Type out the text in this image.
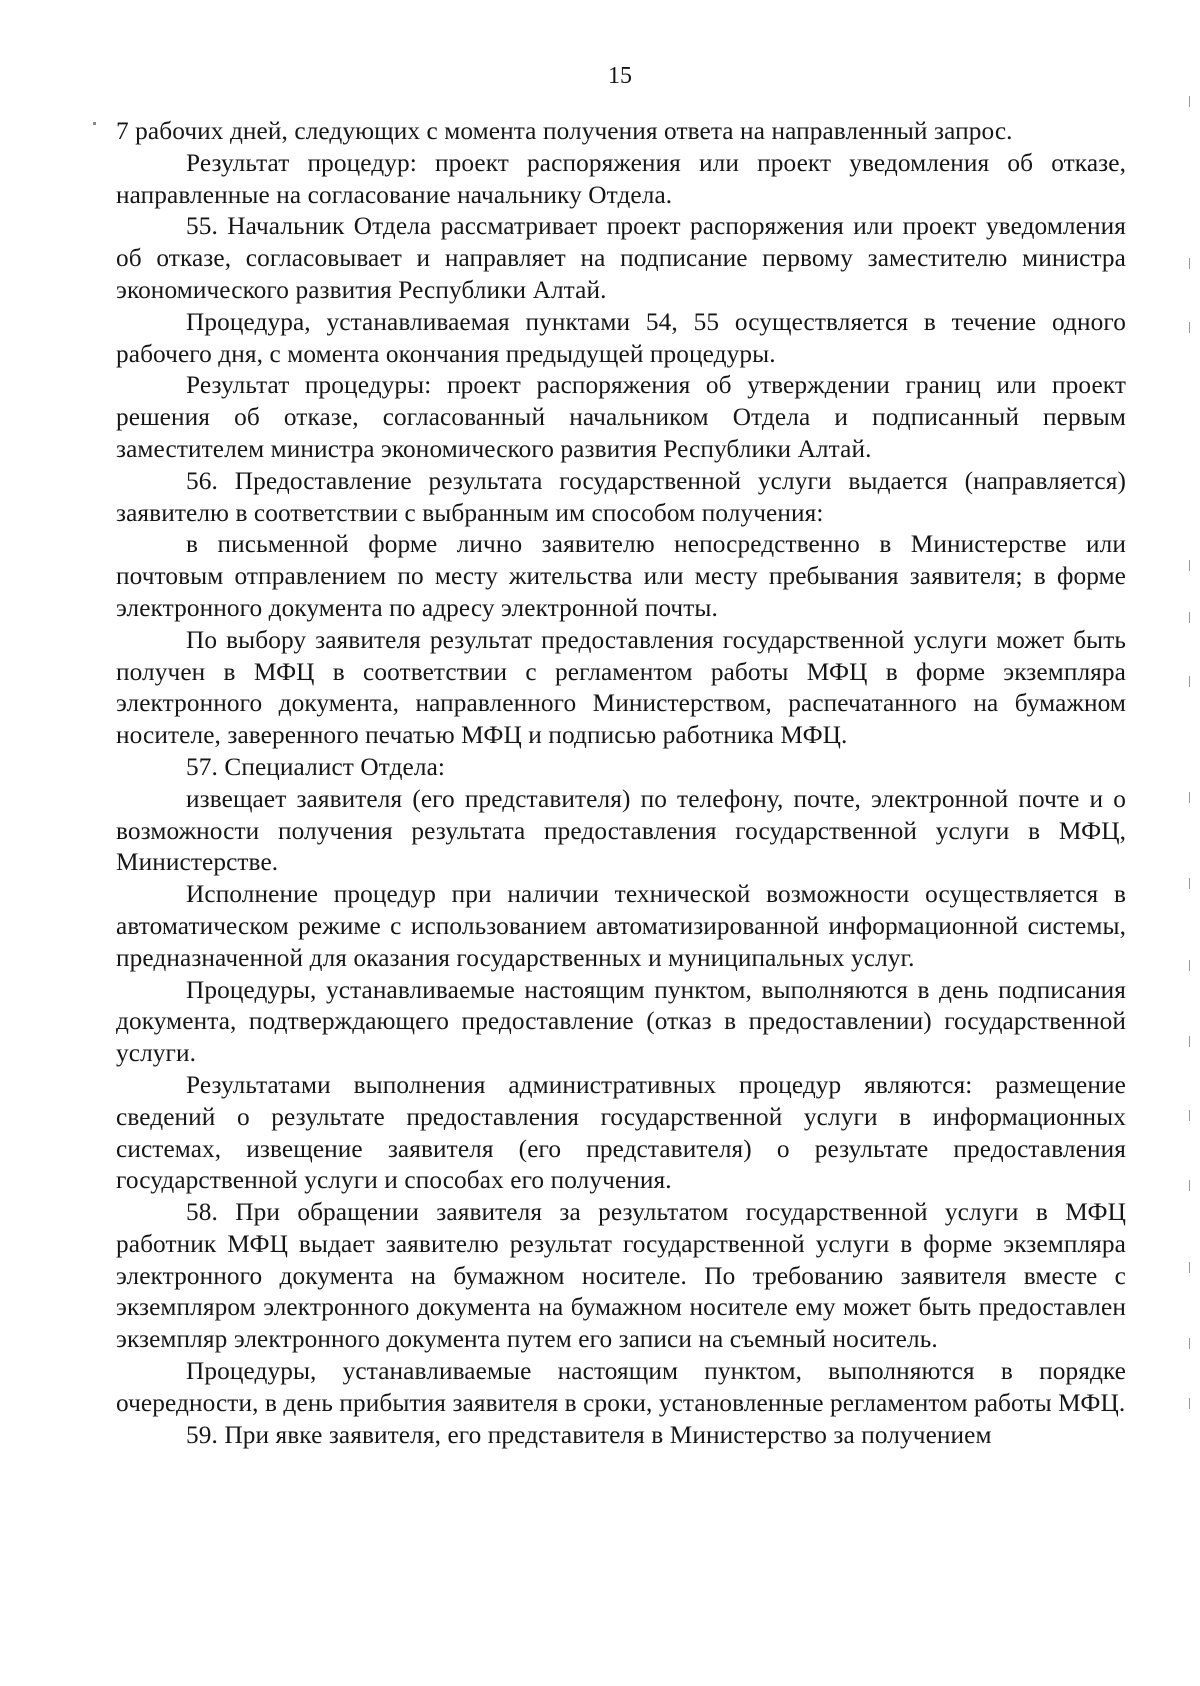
15

7 рабочих дней, следующих с момента получения ответа на направленный запрос.

Результат процедур: проект распоряжения или проект уведомления об отказе, направленные на согласование начальнику Отдела.

55. Начальник Отдела рассматривает проект распоряжения или проект уведомления об отказе, согласовывает и направляет на подписание первому заместителю министра экономического развития Республики Алтай.

Процедура, устанавливаемая пунктами 54, 55 осуществляется в течение одного рабочего дня, с момента окончания предыдущей процедуры.

Результат процедуры: проект распоряжения об утверждении границ или проект решения об отказе, согласованный начальником Отдела и подписанный первым заместителем министра экономического развития Республики Алтай.

56. Предоставление результата государственной услуги выдается (направляется) заявителю в соответствии с выбранным им способом получения:

в письменной форме лично заявителю непосредственно в Министерстве или почтовым отправлением по месту жительства или месту пребывания заявителя; в форме электронного документа по адресу электронной почты.

По выбору заявителя результат предоставления государственной услуги может быть получен в МФЦ в соответствии с регламентом работы МФЦ в форме экземпляра электронного документа, направленного Министерством, распечатанного на бумажном носителе, заверенного печатью МФЦ и подписью работника МФЦ.

57. Специалист Отдела:

извещает заявителя (его представителя) по телефону, почте, электронной почте и о возможности получения результата предоставления государственной услуги в МФЦ, Министерстве.

Исполнение процедур при наличии технической возможности осуществляется в автоматическом режиме с использованием автоматизированной информационной системы, предназначенной для оказания государственных и муниципальных услуг.

Процедуры, устанавливаемые настоящим пунктом, выполняются в день подписания документа, подтверждающего предоставление (отказ в предоставлении) государственной услуги.

Результатами выполнения административных процедур являются: размещение сведений о результате предоставления государственной услуги в информационных системах, извещение заявителя (его представителя) о результате предоставления государственной услуги и способах его получения.

58. При обращении заявителя за результатом государственной услуги в МФЦ работник МФЦ выдает заявителю результат государственной услуги в форме экземпляра электронного документа на бумажном носителе. По требованию заявителя вместе с экземпляром электронного документа на бумажном носителе ему может быть предоставлен экземпляр электронного документа путем его записи на съемный носитель.

Процедуры, устанавливаемые настоящим пунктом, выполняются в порядке очередности, в день прибытия заявителя в сроки, установленные регламентом работы МФЦ.

59. При явке заявителя, его представителя в Министерство за получением
